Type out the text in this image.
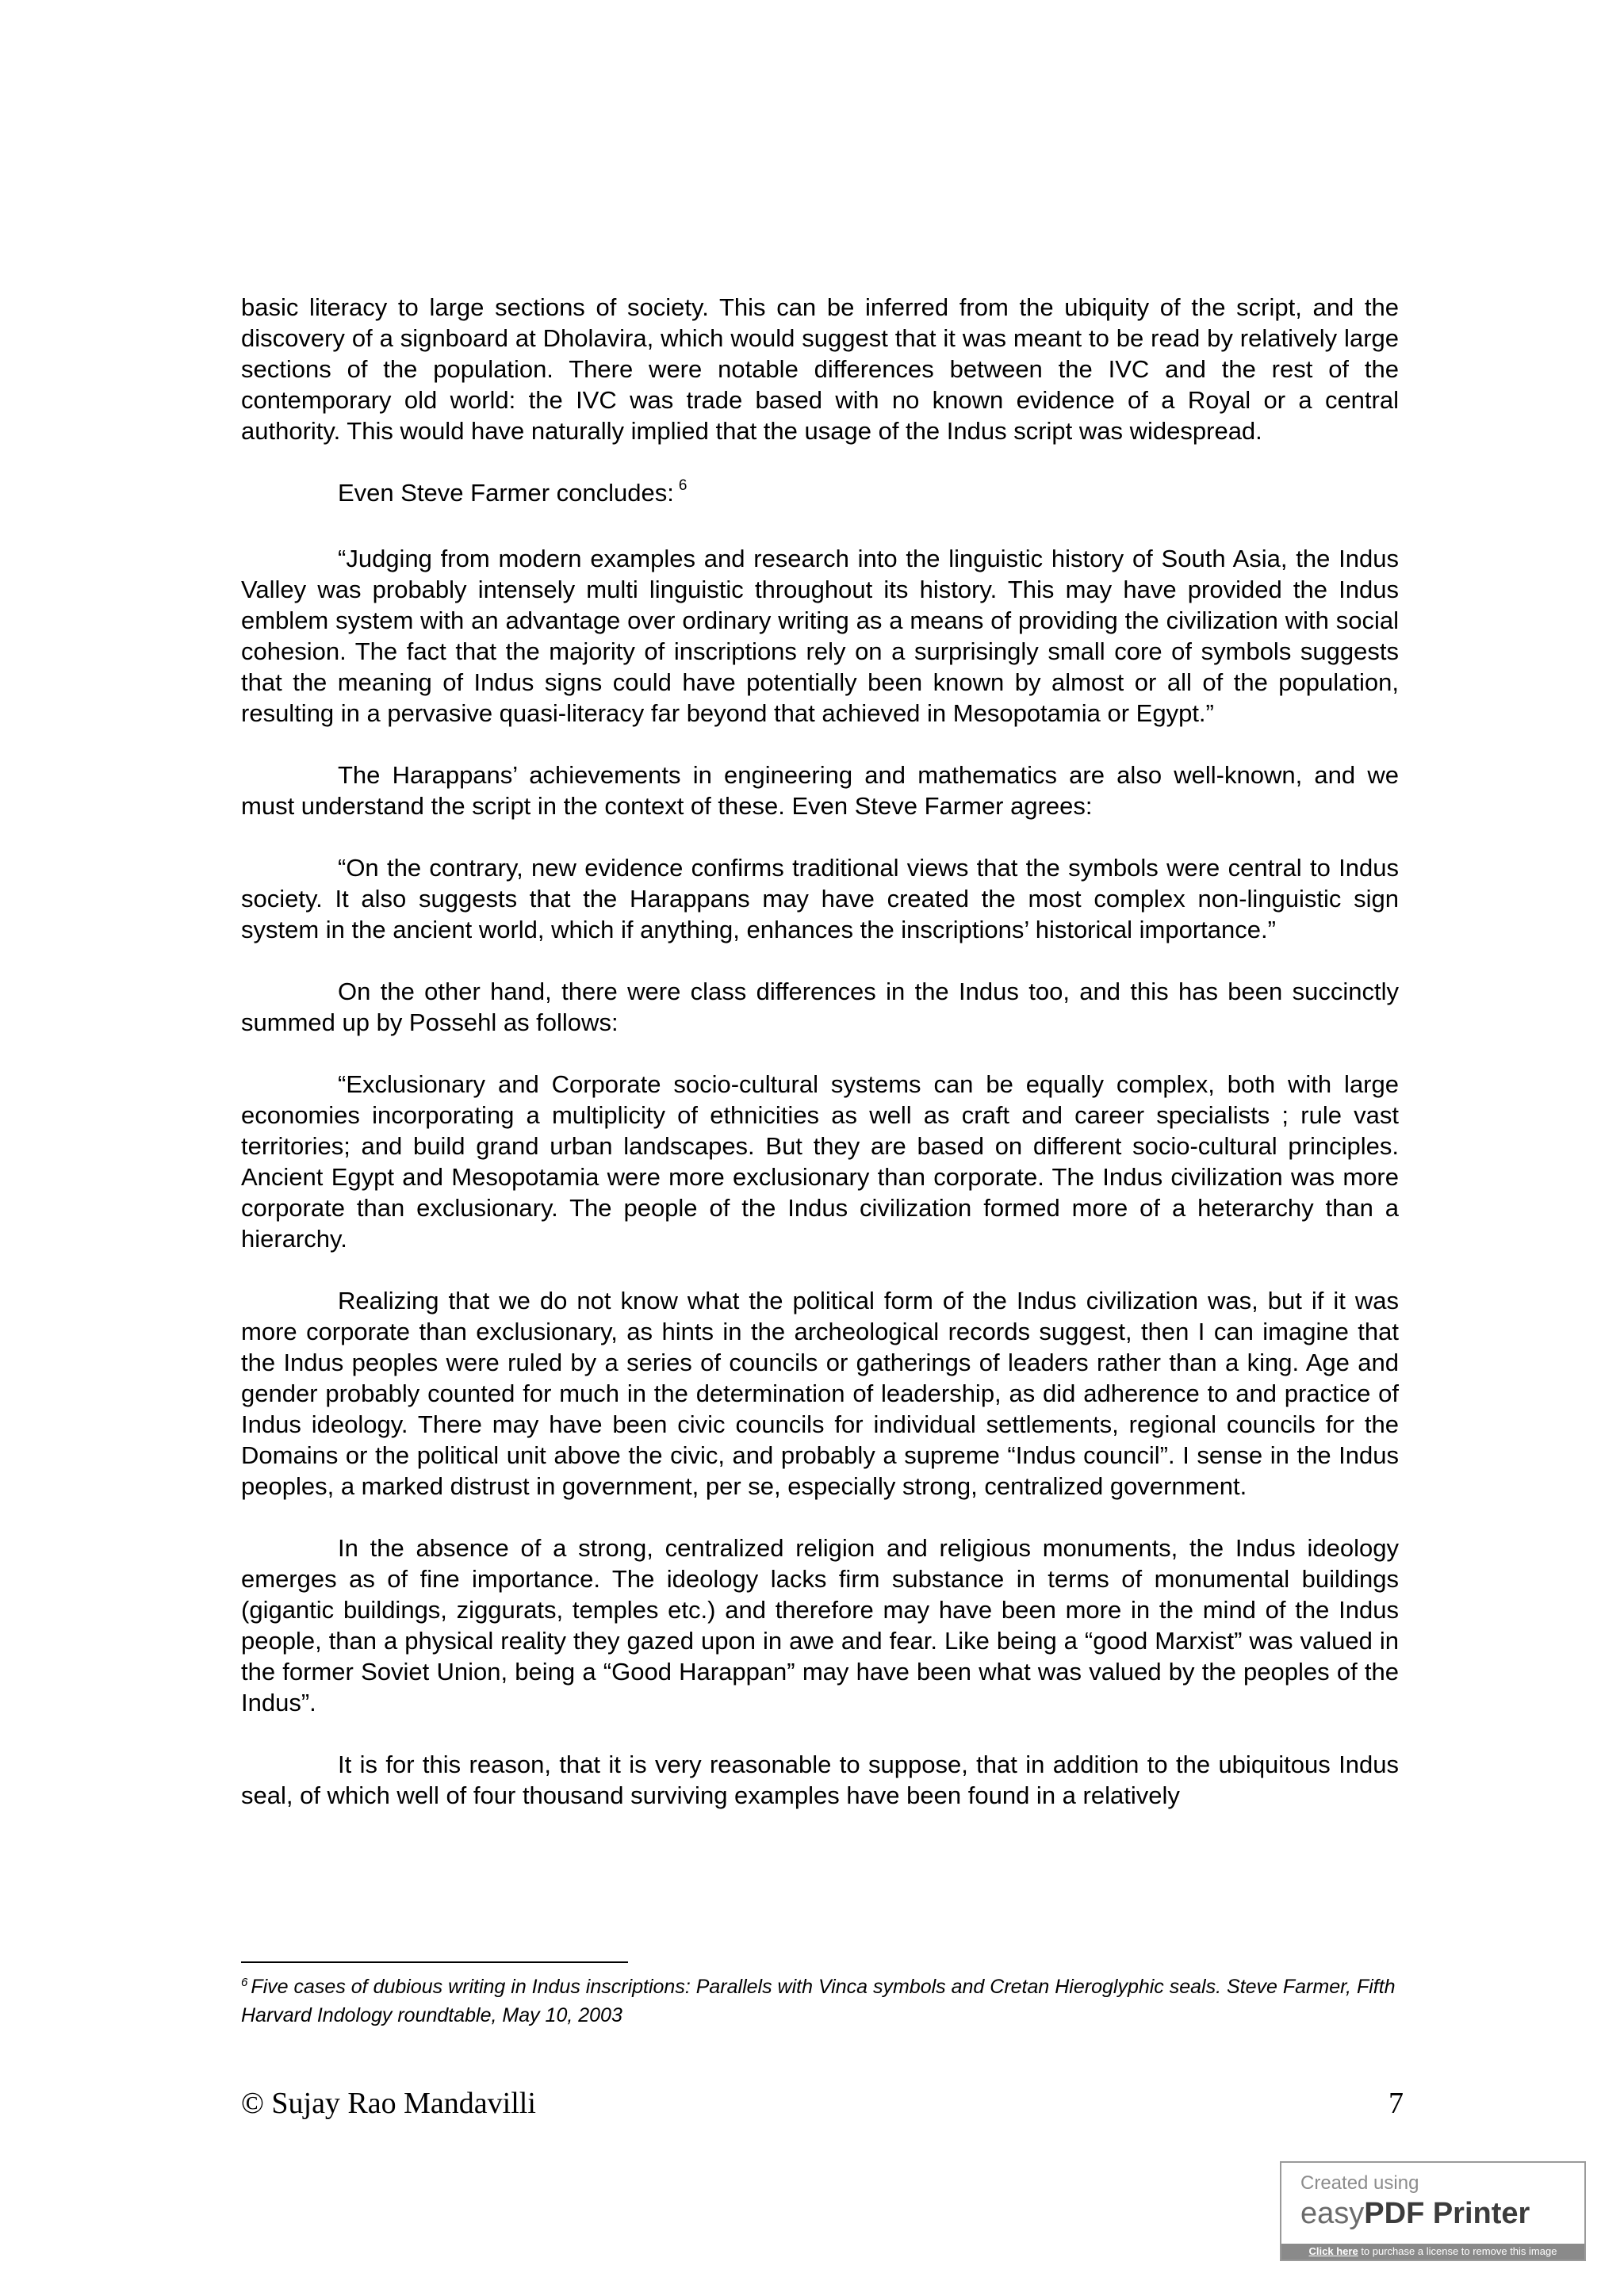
basic literacy to large sections of society. This can be inferred from the ubiquity of the script, and the discovery of a signboard at Dholavira, which would suggest that it was meant to be read by relatively large sections of the population. There were notable differences between the IVC and the rest of the contemporary old world: the IVC was trade based with no known evidence of a Royal or a central authority. This would have naturally implied that the usage of the Indus script was widespread.

Even Steve Farmer concludes: $^6$

“Judging from modern examples and research into the linguistic history of South Asia, the Indus Valley was probably intensely multi linguistic throughout its history. This may have provided the Indus emblem system with an advantage over ordinary writing as a means of providing the civilization with social cohesion. The fact that the majority of inscriptions rely on a surprisingly small core of symbols suggests that the meaning of Indus signs could have potentially been known by almost or all of the population, resulting in a pervasive quasi-literacy far beyond that achieved in Mesopotamia or Egypt.”

The Harappans’ achievements in engineering and mathematics are also well-known, and we must understand the script in the context of these. Even Steve Farmer agrees:

“On the contrary, new evidence confirms traditional views that the symbols were central to Indus society. It also suggests that the Harappans may have created the most complex non-linguistic sign system in the ancient world, which if anything, enhances the inscriptions’ historical importance.”

On the other hand, there were class differences in the Indus too, and this has been succinctly summed up by Possehl as follows:

“Exclusionary and Corporate socio-cultural systems can be equally complex, both with large economies incorporating a multiplicity of ethnicities as well as craft and career specialists ; rule vast territories; and build grand urban landscapes. But they are based on different socio-cultural principles. Ancient Egypt and Mesopotamia were more exclusionary than corporate. The Indus civilization was more corporate than exclusionary. The people of the Indus civilization formed more of a heterarchy than a hierarchy.

Realizing that we do not know what the political form of the Indus civilization was, but if it was more corporate than exclusionary, as hints in the archeological records suggest, then I can imagine that the Indus peoples were ruled by a series of councils or gatherings of leaders rather than a king. Age and gender probably counted for much in the determination of leadership, as did adherence to and practice of Indus ideology. There may have been civic councils for individual settlements, regional councils for the Domains or the political unit above the civic, and probably a supreme “Indus council”. I sense in the Indus peoples, a marked distrust in government, per se, especially strong, centralized government.

In the absence of a strong, centralized religion and religious monuments, the Indus ideology emerges as of fine importance. The ideology lacks firm substance in terms of monumental buildings (gigantic buildings, ziggurats, temples etc.) and therefore may have been more in the mind of the Indus people, than a physical reality they gazed upon in awe and fear. Like being a “good Marxist” was valued in the former Soviet Union, being a “Good Harappan” may have been what was valued by the peoples of the Indus”.

It is for this reason, that it is very reasonable to suppose, that in addition to the ubiquitous Indus seal, of which well of four thousand surviving examples have been found in a relatively

$^6$ Five cases of dubious writing in Indus inscriptions: Parallels with Vinca symbols and Cretan Hieroglyphic seals. Steve Farmer, Fifth Harvard Indology roundtable, May 10, 2003
© Sujay Rao Mandavilli	7
Created using
easyPDF Printer
Click here to purchase a license to remove this image
